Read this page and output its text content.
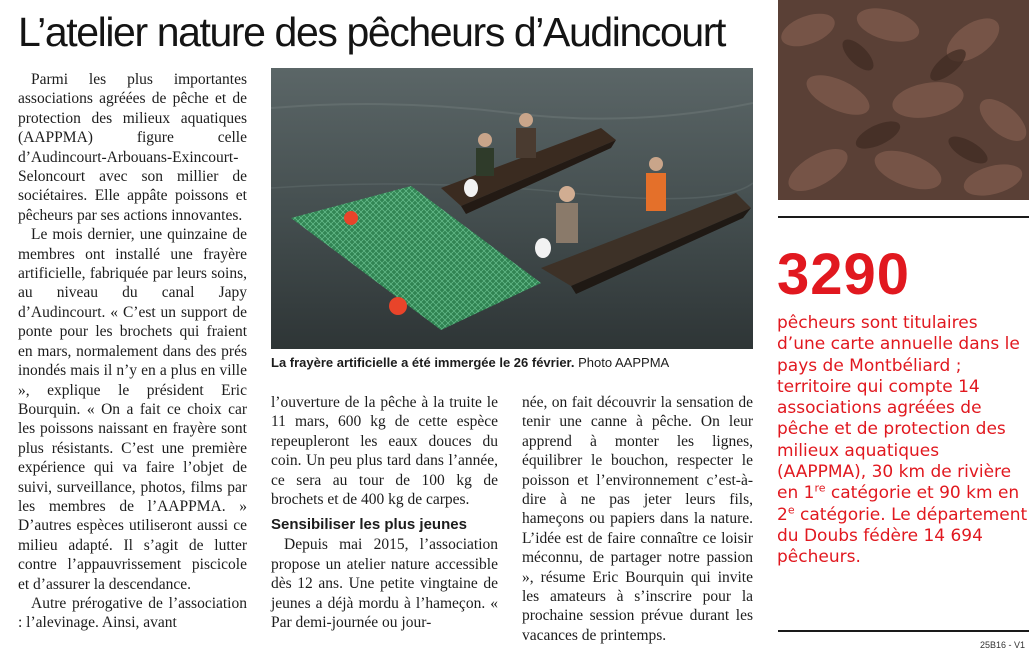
L’atelier nature des pêcheurs d’Audincourt

Parmi les plus importantes associations agréées de pêche et de protection des milieux aquatiques (AAPPMA) figure celle d’Audincourt-Arbouans-Exincourt-Seloncourt avec son millier de sociétaires. Elle appâte poissons et pêcheurs par ses actions innovantes.

Le mois dernier, une quinzaine de membres ont installé une frayère artificielle, fabriquée par leurs soins, au niveau du canal Japy d’Audincourt. « C’est un support de ponte pour les brochets qui fraient en mars, normalement dans des prés inondés mais il n’y en a plus en ville », explique le président Eric Bourquin. « On a fait ce choix car les poissons naissant en frayère sont plus résistants. C’est une première expérience qui va faire l’objet de suivi, surveillance, photos, films par les membres de l’AAPPMA. » D’autres espèces utiliseront aussi ce milieu adapté. Il s’agit de lutter contre l’appauvrissement piscicole et d’assurer la descendance.

Autre prérogative de l’association : l’alevinage. Ainsi, avant

La frayère artificielle a été immergée le 26 février. Photo AAPPMA

l’ouverture de la pêche à la truite le 11 mars, 600 kg de cette espèce repeupleront les eaux douces du coin. Un peu plus tard dans l’année, ce sera au tour de 100 kg de brochets et de 400 kg de carpes.

Sensibiliser les plus jeunes

Depuis mai 2015, l’association propose un atelier nature accessible dès 12 ans. Une petite vingtaine de jeunes a déjà mordu à l’hameçon. « Par demi-journée ou jour-

née, on fait découvrir la sensation de tenir une canne à pêche. On leur apprend à monter les lignes, équilibrer le bouchon, respecter le poisson et l’environnement c’est-à-dire à ne pas jeter leurs fils, hameçons ou papiers dans la nature. L’idée est de faire connaître ce loisir méconnu, de partager notre passion », résume Eric Bourquin qui invite les amateurs à s’inscrire pour la prochaine session prévue durant les vacances de printemps.

3290
pêcheurs sont titulaires d’une carte annuelle dans le pays de Montbéliard ; territoire qui compte 14 associations agréées de pêche et de protection des milieux aquatiques (AAPPMA), 30 km de rivière en 1re catégorie et 90 km en 2e catégorie. Le département du Doubs fédère 14 694 pêcheurs.
25B16 - V1
